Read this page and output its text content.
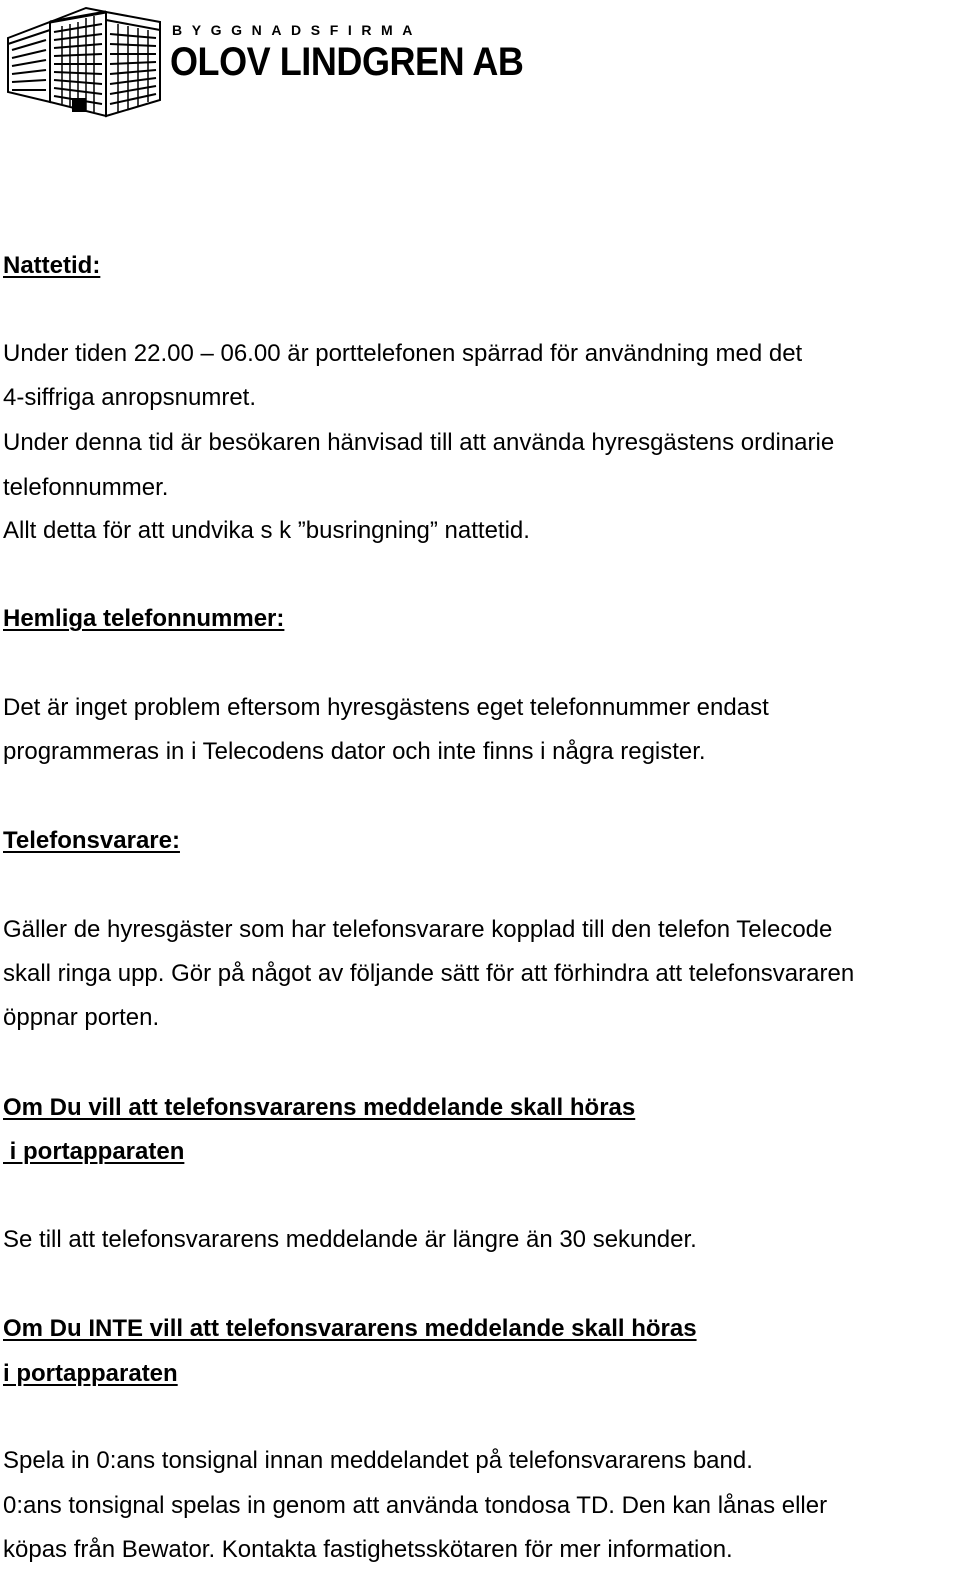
BYGGNADSFIRMA

OLOV LINDGREN AB

Nattetid:

Under tiden 22.00 – 06.00 är porttelefonen spärrad för användning med det

4-siffriga anropsnumret.

Under denna tid är besökaren hänvisad till att använda hyresgästens ordinarie

telefonnummer.

Allt detta för att undvika s k ”busringning” nattetid.

Hemliga telefonnummer:

Det är inget problem eftersom hyresgästens eget telefonnummer endast

programmeras in i Telecodens dator och inte finns i några register.

Telefonsvarare:

Gäller de hyresgäster som har telefonsvarare kopplad till den telefon Telecode

skall ringa upp. Gör på något av följande sätt för att förhindra att telefonsvararen

öppnar porten.

Om Du vill att telefonsvararens meddelande skall höras

i portapparaten

Se till att telefonsvararens meddelande är längre än 30 sekunder.

Om Du INTE vill att telefonsvararens meddelande skall höras

i portapparaten

Spela in 0:ans tonsignal innan meddelandet på telefonsvararens band.

0:ans tonsignal spelas in genom att använda tondosa TD. Den kan lånas eller

köpas från Bewator. Kontakta fastighetsskötaren för mer information.
